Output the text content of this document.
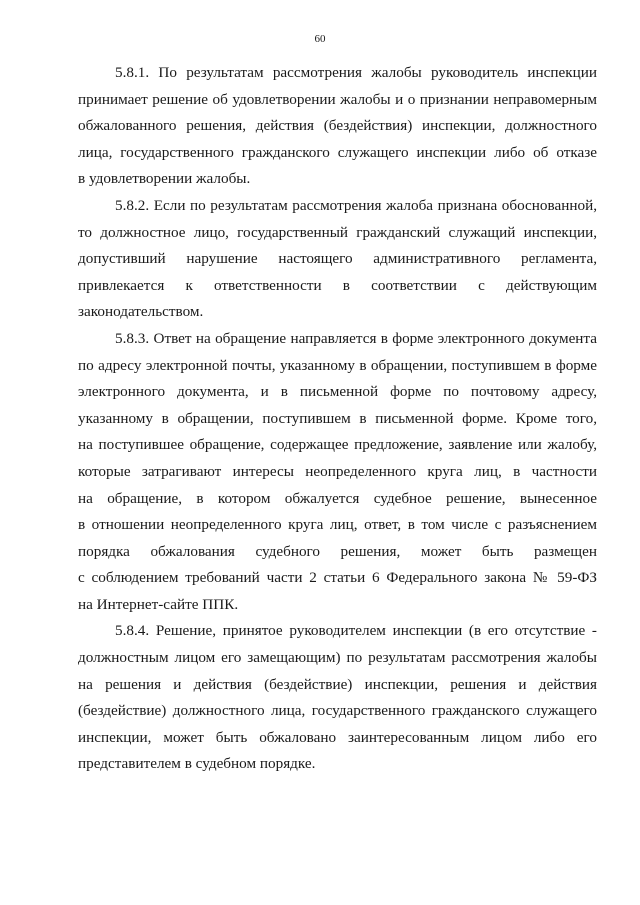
60

5.8.1. По результатам рассмотрения жалобы руководитель инспекции

принимает решение об удовлетворении жалобы и о признании неправомерным

обжалованного решения, действия (бездействия) инспекции, должностного

лица, государственного гражданского служащего инспекции либо об отказе

в удовлетворении жалобы.

5.8.2. Если по результатам рассмотрения жалоба признана обоснованной,

то должностное лицо, государственный гражданский служащий инспекции,

допустивший нарушение настоящего административного регламента,

привлекается к ответственности в соответствии с действующим

законодательством.

5.8.3. Ответ на обращение направляется в форме электронного документа

по адресу электронной почты, указанному в обращении, поступившем в форме

электронного документа, и в письменной форме по почтовому адресу,

указанному в обращении, поступившем в письменной форме. Кроме того,

на поступившее обращение, содержащее предложение, заявление или жалобу,

которые затрагивают интересы неопределенного круга лиц, в частности

на обращение, в котором обжалуется судебное решение, вынесенное

в отношении неопределенного круга лиц, ответ, в том числе с разъяснением

порядка обжалования судебного решения, может быть размещен

с соблюдением требований части 2 статьи 6 Федерального закона № 59-ФЗ

на Интернет-сайте ППК.

5.8.4. Решение, принятое руководителем инспекции (в его отсутствие -

должностным лицом его замещающим) по результатам рассмотрения жалобы

на решения и действия (бездействие) инспекции, решения и действия

(бездействие) должностного лица, государственного гражданского служащего

инспекции, может быть обжаловано заинтересованным лицом либо его

представителем в судебном порядке.
